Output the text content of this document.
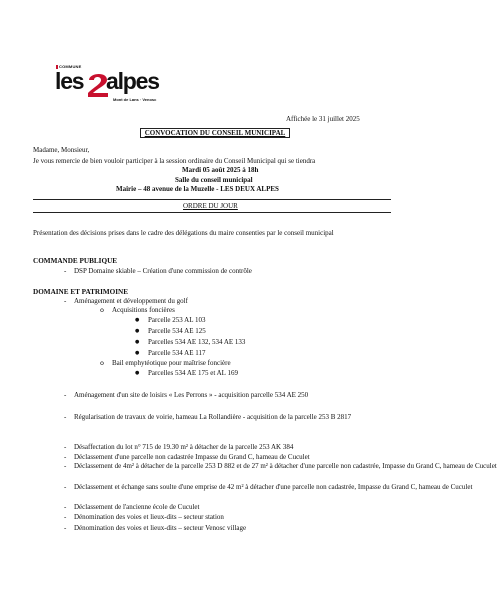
COMMUNE
les alpes
Mont de Lans · Venosc
Affichée le 31 juillet 2025
CONVOCATION DU CONSEIL MUNICIPAL
Madame, Monsieur,
Je vous remercie de bien vouloir participer à la session ordinaire du Conseil Municipal qui se tiendra
Mardi 05 août 2025 à 18h
Salle du conseil municipal
Mairie – 48 avenue de la Muzelle - LES DEUX ALPES
ORDRE DU JOUR
Présentation des décisions prises dans le cadre des délégations du maire consenties par le conseil municipal
COMMANDE PUBLIQUE
- DSP Domaine skiable – Création d'une commission de contrôle
DOMAINE ET PATRIMOINE
- Aménagement et développement du golf
o Acquisitions foncières
● Parcelle 253 AL 103
● Parcelle 534 AE 125
● Parcelles 534 AE 132, 534 AE 133
● Parcelle 534 AE 117
o Bail emphytéotique pour maîtrise foncière
● Parcelles 534 AE 175 et AL 169
- Aménagement d'un site de loisirs « Les Perrons » - acquisition parcelle 534 AE 250
- Régularisation de travaux de voirie, hameau La Rollandière - acquisition de la parcelle 253 B 2817
- Désaffectation du lot n° 715 de 19.30 m² à détacher de la parcelle 253 AK 384
- Déclassement d'une parcelle non cadastrée Impasse du Grand C, hameau de Cuculet
- Déclassement de 4m² à détacher de la parcelle 253 D 882 et de 27 m² à détacher d'une parcelle non cadastrée, Impasse du Grand C, hameau de Cuculet
- Déclassement et échange sans soulte d'une emprise de 42 m² à détacher d'une parcelle non cadastrée, Impasse du Grand C, hameau de Cuculet
- Déclassement de l'ancienne école de Cuculet
- Dénomination des voies et lieux-dits – secteur station
- Dénomination des voies et lieux-dits – secteur Venosc village
